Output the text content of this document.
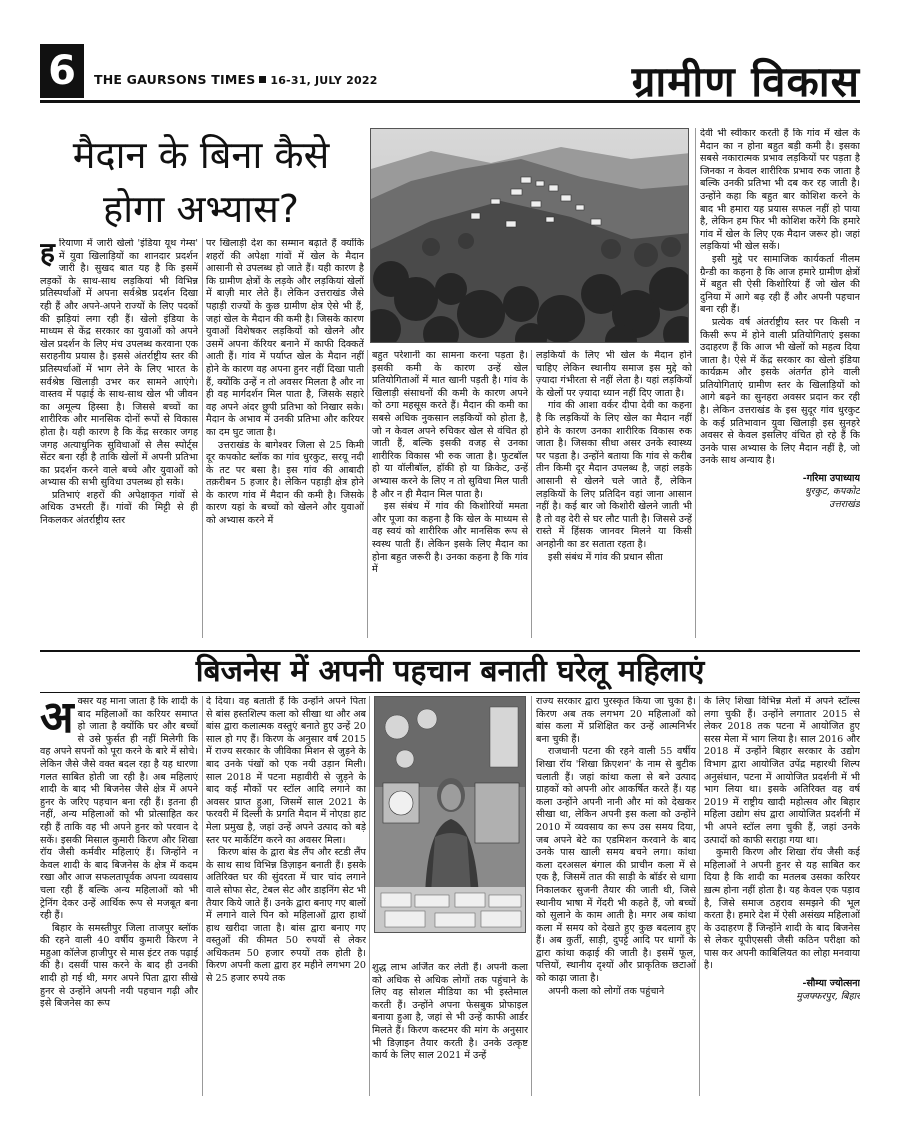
6	THE GAURSONS TIMES 16-31, JULY 2022	ग्रामीण विकास
मैदान के बिना कैसे
होगा अभ्यास?
ह रियाणा में जारी खेलो 'इंडिया यूथ गेम्स' में युवा खिलाड़ियों का शानदार प्रदर्शन जारी है। सुखद बात यह है कि इसमें लड़कों के साथ-साथ लड़कियां भी विभिन्न प्रतिस्पर्धाओं में अपना सर्वश्रेष्ठ प्रदर्शन दिखा रही हैं और अपने-अपने राज्यों के लिए पदकों की झड़ियां लगा रही हैं। खेलो इंडिया के माध्यम से केंद्र सरकार का युवाओं को अपने खेल प्रदर्शन के लिए मंच उपलब्ध करवाना एक सराहनीय प्रयास है। इससे अंतर्राष्ट्रीय स्तर की प्रतिस्पर्धाओं में भाग लेने के लिए भारत के सर्वश्रेष्ठ खिलाड़ी उभर कर सामने आएंगे। वास्तव में पढ़ाई के साथ-साथ खेल भी जीवन का अमूल्य हिस्सा है। जिससे बच्चों का शारीरिक और मानसिक दोनों रूपों से विकास होता है। यही कारण है कि केंद्र सरकार जगह जगह अत्याधुनिक सुविधाओं से लैस स्पोर्ट्स सेंटर बना रही है ताकि खेलों में अपनी प्रतिभा का प्रदर्शन करने वाले बच्चे और युवाओं को अभ्यास की सभी सुविधा उपलब्ध हो सके।

प्रतिभाएं शहरों की अपेक्षाकृत गांवों से अधिक उभरती हैं। गांवों की मिट्टी से ही निकलकर अंतर्राष्ट्रीय स्तर

पर खिलाड़ी देश का सम्मान बढ़ाते हैं क्योंकि शहरों की अपेक्षा गांवों में खेल के मैदान आसानी से उपलब्ध हो जाते हैं। यही कारण है कि ग्रामीण क्षेत्रों के लड़के और लड़कियां खेलों में बाज़ी मार लेते हैं। लेकिन उत्तराखंड जैसे पहाड़ी राज्यों के कुछ ग्रामीण क्षेत्र ऐसे भी हैं, जहां खेल के मैदान की कमी है। जिसके कारण युवाओं विशेषकर लड़कियों को खेलने और उसमें अपना कॅरियर बनाने में काफी दिक्कतें आती हैं। गांव में पर्याप्त खेल के मैदान नहीं होने के कारण वह अपना हुनर नहीं दिखा पाती हैं, क्योंकि उन्हें न तो अवसर मिलता है और ना ही वह मार्गदर्शन मिल पाता है, जिसके सहारे वह अपने अंदर छुपी प्रतिभा को निखार सके। मैदान के अभाव में उनकी प्रतिभा और करियर का दम घुट जाता है।

उत्तराखंड के बागेश्वर जिला से 25 किमी दूर कपकोट ब्लॉक का गांव धुरकुट, सरयू नदी के तट पर बसा है। इस गांव की आबादी तक़रीबन 5 हजार है। लेकिन पहाड़ी क्षेत्र होने के कारण गांव में मैदान की कमी है। जिसके कारण यहां के बच्चों को खेलने और युवाओं को अभ्यास करने में

बहुत परेशानी का सामना करना पड़ता है। इसकी कमी के कारण उन्हें खेल प्रतियोगिताओं में मात खानी पड़ती है। गांव के खिलाड़ी संसाधनों की कमी के कारण अपने को ठगा महसूस करते हैं। मैदान की कमी का सबसे अधिक नुकसान लड़कियों को होता है, जो न केवल अपने रुचिकर खेल से वंचित हो जाती हैं, बल्कि इसकी वजह से उनका शारीरिक विकास भी रुक जाता है। फुटबॉल हो या वॉलीबॉल, हॉकी हो या क्रिकेट, उन्हें अभ्यास करने के लिए न तो सुविधा मिल पाती है और न ही मैदान मिल पाता है।

इस संबंध में गांव की किशोरियों ममता और पूजा का कहना है कि खेल के माध्यम से वह स्वयं को शारीरिक और मानसिक रूप से स्वस्थ पाती हैं। लेकिन इसके लिए मैदान का होना बहुत जरूरी है। उनका कहना है कि गांव में

लड़कियों के लिए भी खेल के मैदान होने चाहिए लेकिन स्थानीय समाज इस मुद्दे को ज़्यादा गंभीरता से नहीं लेता है। यहां लड़कियों के खेलों पर ज़्यादा ध्यान नहीं दिए जाता है।

गांव की आशा वर्कर दीपा देवी का कहना है कि लड़कियों के लिए खेल का मैदान नहीं होने के कारण उनका शारीरिक विकास रुक जाता है। जिसका सीधा असर उनके स्वास्थ्य पर पड़ता है। उन्होंने बताया कि गांव से करीब तीन किमी दूर मैदान उपलब्ध है, जहां लड़के आसानी से खेलने चले जाते हैं, लेकिन लड़कियों के लिए प्रतिदिन वहां जाना आसान नहीं है। कई बार जो किशोरी खेलने जाती भी है तो वह देरी से घर लौट पाती है। जिससे उन्हें रास्ते में हिंसक जानवर मिलने या किसी अनहोनी का डर सताता रहता है।

इसी संबंध में गांव की प्रधान सीता

देवी भी स्वीकार करती हैं कि गांव में खेल के मैदान का न होना बहुत बड़ी कमी है। इसका सबसे नकारात्मक प्रभाव लड़कियों पर पड़ता है जिनका न केवल शारीरिक प्रभाव रुक जाता है बल्कि उनकी प्रतिभा भी दब कर रह जाती है। उन्होंने कहा कि बहुत बार कोशिश करने के बाद भी हमारा यह प्रयास सफल नहीं हो पाया है, लेकिन हम फिर भी कोशिश करेंगे कि हमारे गांव में खेल के लिए एक मैदान जरूर हो। जहां लड़कियां भी खेल सकें।

इसी मुद्दे पर सामाजिक कार्यकर्ता नीलम ग्रैन्डी का कहना है कि आज हमारे ग्रामीण क्षेत्रों में बहुत सी ऐसी किशोरियां हैं जो खेल की दुनिया में आगे बढ़ रही हैं और अपनी पहचान बना रही हैं।

प्रत्येक वर्ष अंतर्राष्ट्रीय स्तर पर किसी न किसी रूप में होने वाली प्रतियोगिताएं इसका उदाहरण हैं कि आज भी खेलों को महत्व दिया जाता है। ऐसे में केंद्र सरकार का खेलो इंडिया कार्यक्रम और इसके अंतर्गत होने वाली प्रतियोगिताएं ग्रामीण स्तर के खिलाड़ियों को आगे बढ़ने का सुनहरा अवसर प्रदान कर रही है। लेकिन उत्तराखंड के इस सुदूर गांव धुरकुट के कई प्रतिभावान युवा खिलाड़ी इस सुनहरे अवसर से केवल इसलिए वंचित हो रहे हैं कि उनके पास अभ्यास के लिए मैदान नहीं है, जो उनके साथ अन्याय है।

-गरिमा उपाध्याय
धुरकुट, कपकोट
उत्तराखंड
बिजनेस में अपनी पहचान बनाती घरेलू महिलाएं
अ क्सर यह माना जाता है कि शादी के बाद महिलाओं का करियर समाप्त हो जाता है क्योंकि घर और बच्चों से उसे फुर्सत ही नहीं मिलेगी कि वह अपने सपनों को पूरा करने के बारे में सोचे। लेकिन जैसे जैसे वक्त बदल रहा है यह धारणा गलत साबित होती जा रही है। अब महिलाएं शादी के बाद भी बिजनेस जैसे क्षेत्र में अपने हुनर के जरिए पहचान बना रही हैं। इतना ही नहीं, अन्य महिलाओं को भी प्रोत्साहित कर रही हैं ताकि वह भी अपने हुनर को परवान दे सकें। इसकी मिसाल कुमारी किरण और शिखा रॉय जैसी कर्मवीर महिलाएं हैं। जिन्होंने न केवल शादी के बाद बिजनेस के क्षेत्र में कदम रखा और आज सफलतापूर्वक अपना व्यवसाय चला रही हैं बल्कि अन्य महिलाओं को भी ट्रेनिंग देकर उन्हें आर्थिक रूप से मजबूत बना रही हैं।

बिहार के समस्तीपुर जिला ताजपुर ब्लॉक की रहने वाली 40 वर्षीय कुमारी किरण ने महुआ कॉलेज हाजीपुर से मास इंटर तक पढ़ाई की है। दसवीं पास करने के बाद ही उनकी शादी हो गई थी, मगर अपने पिता द्वारा सीखे हुनर से उन्होंने अपनी नयी पहचान गढ़ी और इसे बिजनेस का रूप

दे दिया। वह बताती हैं कि उन्होंने अपने पिता से बांस हस्तशिल्प कला को सीखा था और अब बांस द्वारा कलात्मक वस्तुएं बनाते हुए उन्हें 20 साल हो गए हैं। किरण के अनुसार वर्ष 2015 में राज्य सरकार के जीविका मिशन से जुड़ने के बाद उनके पंखों को एक नयी उड़ान मिली। साल 2018 में पटना महावीरी से जुड़ने के बाद कई मौकों पर स्टॉल आदि लगाने का अवसर प्राप्त हुआ, जिसमें साल 2021 के फरवरी में दिल्ली के प्रगति मैदान में नोएडा हाट मेला प्रमुख है, जहां उन्हें अपने उत्पाद को बड़े स्तर पर मार्केटिंग करने का अवसर मिला।

किरण बांस के द्वारा बेड लैंप और स्टडी लैंप के साथ साथ विभिन्न डिज़ाइन बनाती हैं। इसके अतिरिक्त घर की सुंदरता में चार चांद लगाने वाले सोफा सेट, टेबल सेट और डाइनिंग सेट भी तैयार किये जाते हैं। उनके द्वारा बनाए गए बालों में लगाने वाले पिन को महिलाओं द्वारा हाथों हाथ खरीदा जाता है। बांस द्वारा बनाए गए वस्तुओं की कीमत 50 रुपयों से लेकर अधिकतम 50 हजार रुपयों तक होती है। किरण अपनी कला द्वारा हर महीने लगभग 20 से 25 हजार रुपये तक

शुद्ध लाभ अर्जित कर लेती हैं। अपनी कला को अधिक से अधिक लोगों तक पहुंचाने के लिए वह सोशल मीडिया का भी इस्तेमाल करती हैं। उन्होंने अपना फेसबुक प्रोफाइल बनाया हुआ है, जहां से भी उन्हें काफी आर्डर मिलते हैं। किरण कस्टमर की मांग के अनुसार भी डिज़ाइन तैयार करती है। उनके उत्कृष्ट कार्य के लिए साल 2021 में उन्हें

राज्य सरकार द्वारा पुरस्कृत किया जा चुका है। किरण अब तक लगभग 20 महिलाओं को बांस कला में प्रशिक्षित कर उन्हें आत्मनिर्भर बना चुकी हैं।

राजधानी पटना की रहने वाली 55 वर्षीय शिखा रॉय 'शिखा क्रिएशन' के नाम से बुटीक चलाती हैं। जहां कांथा कला से बने उत्पाद ग्राहकों को अपनी ओर आकर्षित करते हैं। यह कला उन्होंने अपनी नानी और मां को देखकर सीखा था, लेकिन अपनी इस कला को उन्होंने 2010 में व्यवसाय का रूप उस समय दिया, जब अपने बेटे का एडमिशन करवाने के बाद उनके पास खाली समय बचने लगा। कांथा कला दरअसल बंगाल की प्राचीन कला में से एक है, जिसमें तात की साड़ी के बॉर्डर से धागा निकालकर सुजनी तैयार की जाती थी, जिसे स्थानीय भाषा में गेंदरी भी कहते हैं, जो बच्चों को सुलाने के काम आती है। मगर अब कांथा कला में समय को देखते हुए कुछ बदलाव हुए हैं। अब कुर्ती, साड़ी, दुपट्टे आदि पर धागों के द्वारा कांथा कढ़ाई की जाती है। इसमें फूल, पत्तियों, स्थानीय दृश्यों और प्राकृतिक छटाओं को काढ़ा जाता है।

अपनी कला को लोगों तक पहुंचाने

के लिए शिखा विभिन्न मेलों में अपने स्टॉल्स लगा चुकी हैं। उन्होंने लगातार 2015 से लेकर 2018 तक पटना में आयोजित हुए सरस मेला में भाग लिया है। साल 2016 और 2018 में उन्होंने बिहार सरकार के उद्योग विभाग द्वारा आयोजित उपेंद्र महारथी शिल्प अनुसंधान, पटना में आयोजित प्रदर्शनी में भी भाग लिया था। इसके अतिरिक्त वह वर्ष 2019 में राष्ट्रीय खादी महोत्सव और बिहार महिला उद्योग संघ द्वारा आयोजित प्रदर्शनी में भी अपने स्टॉल लगा चुकी हैं, जहां उनके उत्पादों को काफी सराहा गया था।

कुमारी किरण और शिखा रॉय जैसी कई महिलाओं ने अपनी हुनर से यह साबित कर दिया है कि शादी का मतलब उसका करियर ख़त्म होना नहीं होता है। यह केवल एक पड़ाव है, जिसे समाज ठहराव समझने की भूल करता है। हमारे देश में ऐसी असंख्य महिलाओं के उदाहरण हैं जिन्होंने शादी के बाद बिजनेस से लेकर यूपीएससी जैसी कठिन परीक्षा को पास कर अपनी काबिलियत का लोहा मनवाया है।

-सौम्या ज्योत्सना
मुजफ्फरपुर, बिहार
